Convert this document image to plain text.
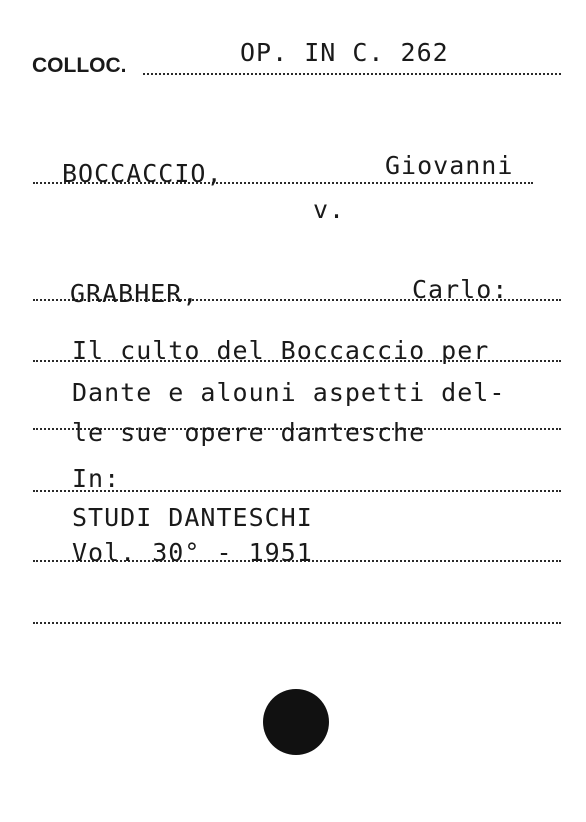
COLLOC.	OP. IN C. 262
BOCCACCIO,	Giovanni
v.
GRABHER,	Carlo:
Il culto del Boccaccio per
Dante e alouni aspetti del-
le sue opere dantesche
In:
STUDI DANTESCHI
Vol. 30° - 1951
